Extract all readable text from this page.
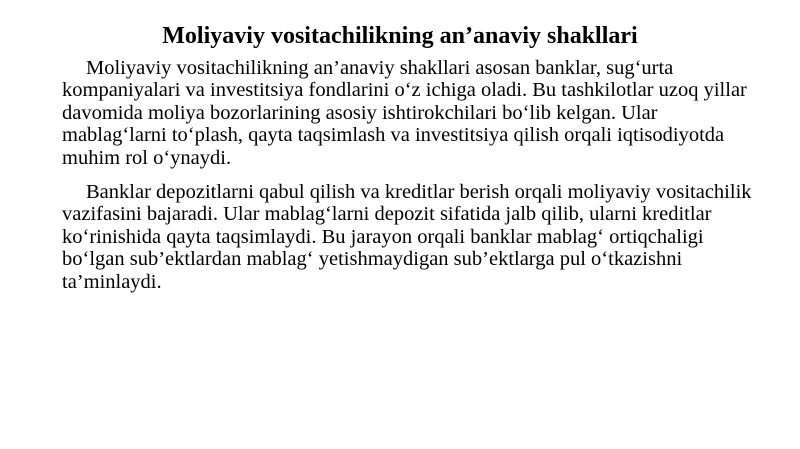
Moliyaviy vositachilikning an’anaviy shakllari

Moliyaviy vositachilikning an’anaviy shakllari asosan banklar, sug‘urta kompaniyalari va investitsiya fondlarini o‘z ichiga oladi. Bu tashkilotlar uzoq yillar davomida moliya bozorlarining asosiy ishtirokchilari bo‘lib kelgan. Ular mablag‘larni to‘plash, qayta taqsimlash va investitsiya qilish orqali iqtisodiyotda muhim rol o‘ynaydi.

Banklar depozitlarni qabul qilish va kreditlar berish orqali moliyaviy vositachilik vazifasini bajaradi. Ular mablag‘larni depozit sifatida jalb qilib, ularni kreditlar ko‘rinishida qayta taqsimlaydi. Bu jarayon orqali banklar mablag‘ ortiqchaligi bo‘lgan sub’ektlardan mablag‘ yetishmaydigan sub’ektlarga pul o‘tkazishni ta’minlaydi.
